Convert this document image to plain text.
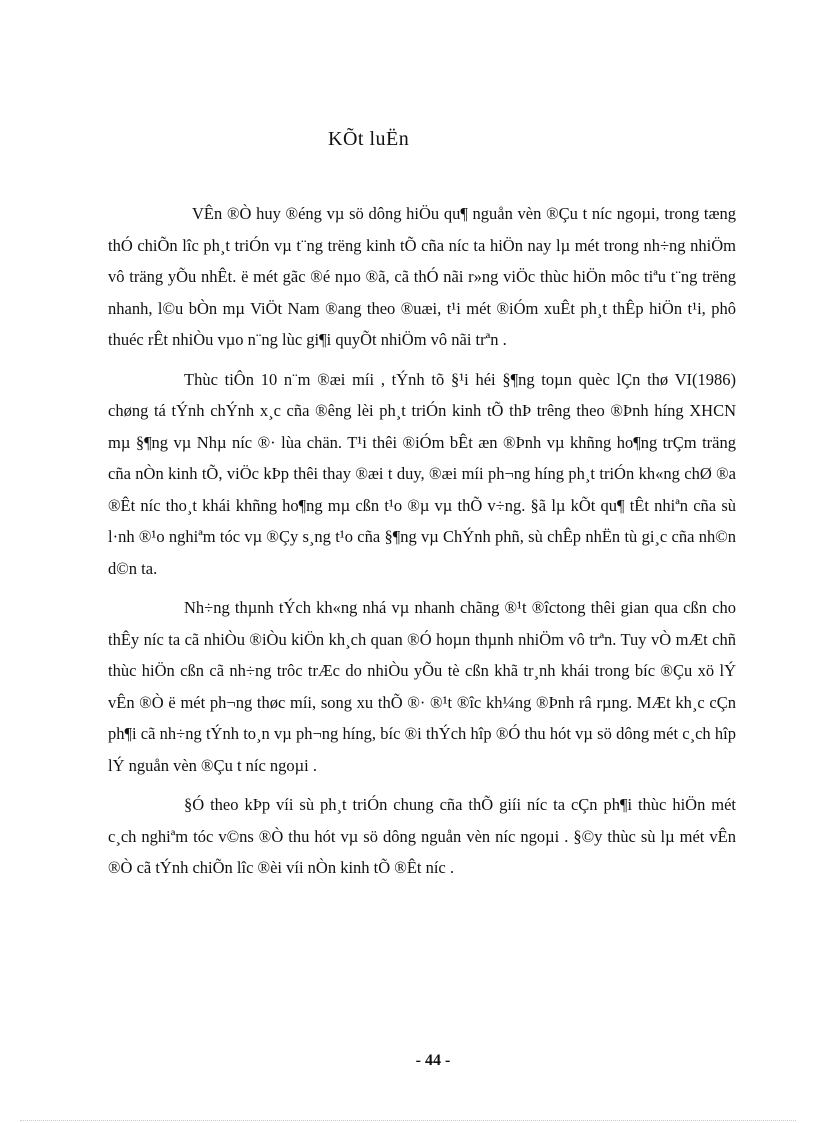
KÕt luËn

VÊn ®Ò huy ®éng vµ sö dông hiÖu qu¶ nguån vèn ®Çu t níc ngoµi, trong tæng thÓ chiÕn lîc ph¸t triÓn vµ t¨ng trëng kinh tÕ cña níc ta hiÖn nay lµ mét trong nh÷ng nhiÖm vô träng yÕu nhÊt. ë mét gãc ®é nµo ®ã, cã thÓ nãi r»ng viÖc thùc hiÖn môc tiªu t¨ng trëng nhanh, l©u bÒn mµ ViÖt Nam ®ang theo ®uæi, t¹i mét ®iÓm xuÊt ph¸t thÊp hiÖn t¹i, phô thuéc rÊt nhiÒu vµo n¨ng lùc gi¶i quyÕt nhiÖm vô nãi trªn .

Thùc tiÔn 10 n¨m ®æi míi , tÝnh tõ §¹i héi §¶ng toµn quèc lÇn thø VI(1986) chøng tá tÝnh chÝnh x¸c cña ®êng lèi ph¸t triÓn kinh tÕ thÞ trêng theo ®Þnh híng XHCN mµ §¶ng vµ Nhµ níc ®· lùa chän. T¹i thêi ®iÓm bÊt æn ®Þnh vµ khñng ho¶ng trÇm träng cña nÒn kinh tÕ, viÖc kÞp thêi thay ®æi t duy, ®æi míi ph¬ng híng ph¸t triÓn kh«ng chØ ®a ®Êt níc tho¸t khái khñng ho¶ng mµ cßn t¹o ®µ vµ thÕ v÷ng. §ã lµ kÕt qu¶ tÊt nhiªn cña sù l·nh ®¹o nghiªm tóc vµ ®Çy s¸ng t¹o cña §¶ng vµ ChÝnh phñ, sù chÊp nhËn tù gi¸c cña nh©n d©n ta.

Nh÷ng thµnh tÝch kh«ng nhá vµ nhanh chãng ®¹t ®îctong thêi gian qua cßn cho thÊy níc ta cã nhiÒu ®iÒu kiÖn kh¸ch quan ®Ó hoµn thµnh nhiÖm vô trªn. Tuy vÒ mÆt chñ thùc hiÖn cßn cã nh÷ng trôc trÆc do nhiÒu yÕu tè cßn khã tr¸nh khái trong bíc ®Çu xö lÝ vÊn ®Ò ë mét ph¬ng thøc míi, song xu thÕ ®· ®¹t ®îc kh¼ng ®Þnh râ rµng. MÆt kh¸c cÇn ph¶i cã nh÷ng tÝnh to¸n vµ ph¬ng híng, bíc ®i thÝch hîp ®Ó thu hót vµ sö dông mét c¸ch hîp lÝ nguån vèn ®Çu t níc ngoµi .

§Ó theo kÞp víi sù ph¸t triÓn chung cña thÕ giíi níc ta cÇn ph¶i thùc hiÖn mét c¸ch nghiªm tóc v©ns ®Ò thu hót vµ sö dông nguån vèn níc ngoµi . §©y thùc sù lµ mét vÊn ®Ò cã tÝnh chiÕn lîc ®èi víi nÒn kinh tÕ ®Êt níc .

- 44 -
